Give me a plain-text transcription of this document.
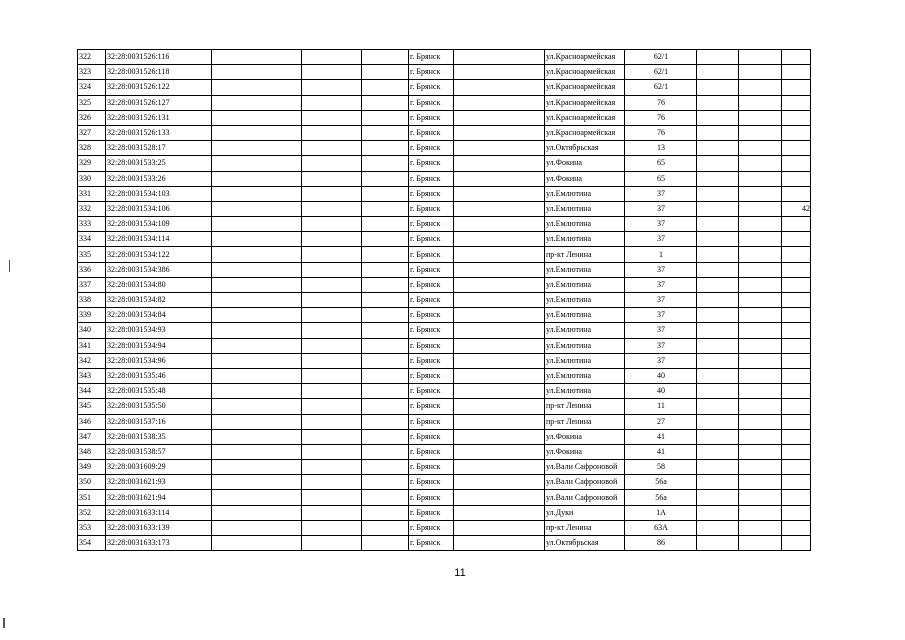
322	32:28:0031526:116				г. Брянск		ул.Красноармейская	62/1			
323	32:28:0031526:118				г. Брянск		ул.Красноармейская	62/1			
324	32:28:0031526:122				г. Брянск		ул.Красноармейская	62/1			
325	32:28:0031526:127				г. Брянск		ул.Красноармейская	76			
326	32:28:0031526:131				г. Брянск		ул.Красноармейская	76			
327	32:28:0031526:133				г. Брянск		ул.Красноармейская	76			
328	32:28:0031528:17				г. Брянск		ул.Октябрьская	13			
329	32:28:0031533:25				г. Брянск		ул.Фокина	65			
330	32:28:0031533:26				г. Брянск		ул.Фокина	65			
331	32:28:0031534:103				г. Брянск		ул.Емлютина	37			
332	32:28:0031534:106				г. Брянск		ул.Емлютина	37			42
333	32:28:0031534:109				г. Брянск		ул.Емлютина	37			
334	32:28:0031534:114				г. Брянск		ул.Емлютина	37			
335	32:28:0031534:122				г. Брянск		пр-кт Ленина	1			
336	32:28:0031534:386				г. Брянск		ул.Емлютина	37			
337	32:28:0031534:80				г. Брянск		ул.Емлютина	37			
338	32:28:0031534:82				г. Брянск		ул.Емлютина	37			
339	32:28:0031534:84				г. Брянск		ул.Емлютина	37			
340	32:28:0031534:93				г. Брянск		ул.Емлютина	37			
341	32:28:0031534:94				г. Брянск		ул.Емлютина	37			
342	32:28:0031534:96				г. Брянск		ул.Емлютина	37			
343	32:28:0031535:46				г. Брянск		ул.Емлютина	40			
344	32:28:0031535:48				г. Брянск		ул.Емлютина	40			
345	32:28:0031535:50				г. Брянск		пр-кт Ленина	11			
346	32:28:0031537:16				г. Брянск		пр-кт Ленина	27			
347	32:28:0031538:35				г. Брянск		ул.Фокина	41			
348	32:28:0031538:57				г. Брянск		ул.Фокина	41			
349	32:28:0031609:29				г. Брянск		ул.Вали Сафроновой	58			
350	32:28:0031621:93				г. Брянск		ул.Вали Сафроновой	56а			
351	32:28:0031621:94				г. Брянск		ул.Вали Сафроновой	56а			
352	32:28:0031633:114				г. Брянск		ул.Дуки	1А			
353	32:28:0031633:139				г. Брянск		пр-кт Ленина	63А			
354	32:28:0031633:173				г. Брянск		ул.Октябрьская	86			
11
